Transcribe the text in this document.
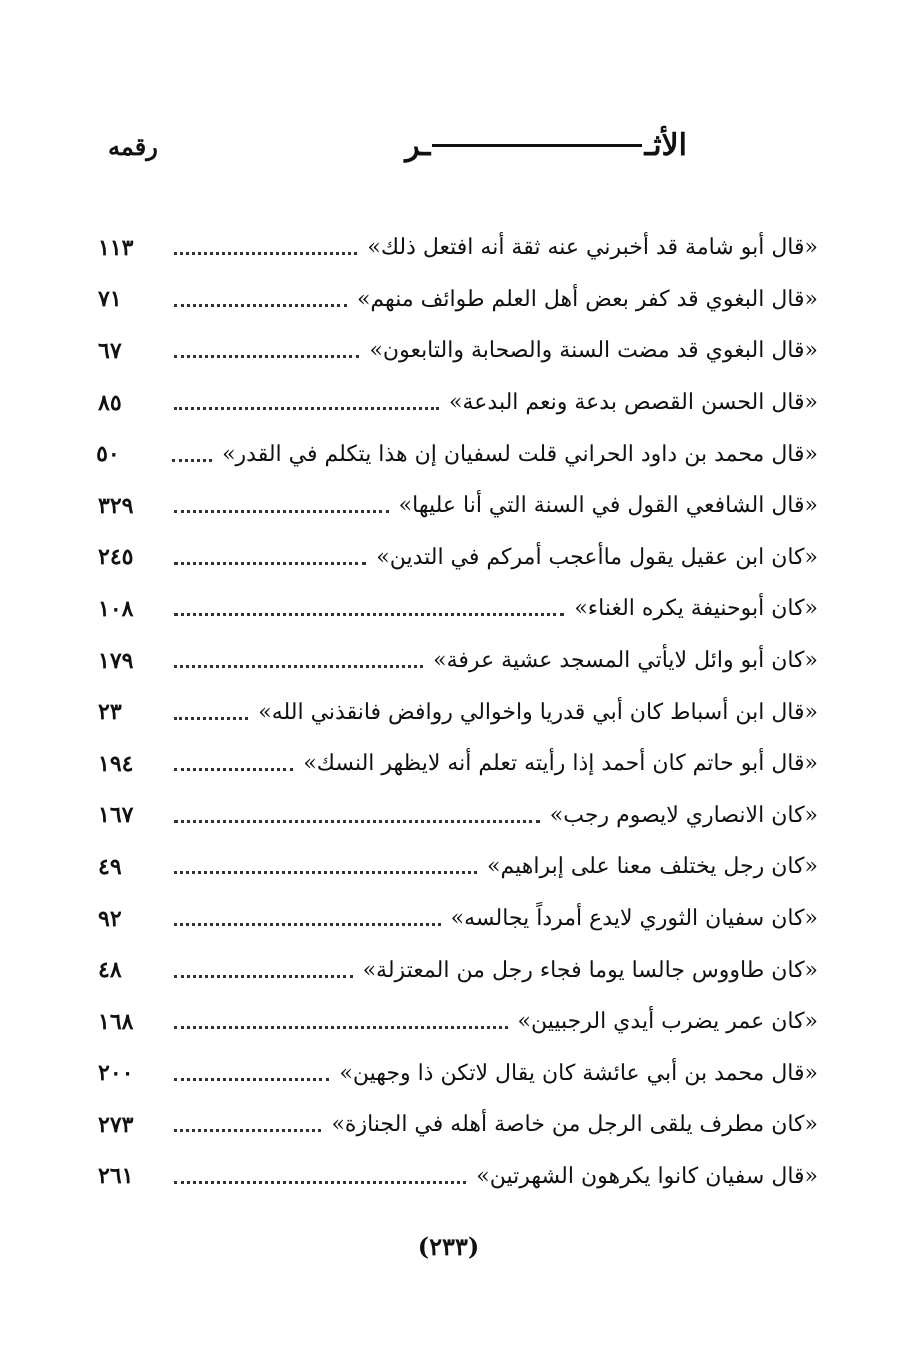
الأثـ
ـر
رقمه
«قال أبو شامة قد أخبرني عنه ثقة أنه افتعل ذلك»
١١٣
«قال البغوي قد كفر بعض أهل العلم طوائف منهم»
٧١
«قال البغوي قد مضت السنة والصحابة والتابعون»
٦٧
«قال الحسن القصص بدعة ونعم البدعة»
٨٥
«قال محمد بن داود الحراني قلت لسفيان إن هذا يتكلم في القدر»
٥٠
«قال الشافعي القول في السنة التي أنا عليها»
٣٢٩
«كان ابن عقيل يقول ماأعجب أمركم في التدين»
٢٤٥
«كان أبوحنيفة يكره الغناء»
١٠٨
«كان أبو وائل لايأتي المسجد عشية عرفة»
١٧٩
«قال ابن أسباط كان أبي قدريا واخوالي روافض فانقذني الله»
٢٣
«قال أبو حاتم كان أحمد إذا رأيته تعلم أنه لايظهر النسك»
١٩٤
«كان الانصاري لايصوم رجب»
١٦٧
«كان رجل يختلف معنا على إبراهيم»
٤٩
«كان سفيان الثوري لايدع أمرداً يجالسه»
٩٢
«كان طاووس جالسا يوما فجاء رجل من المعتزلة»
٤٨
«كان عمر يضرب أيدي الرجبيين»
١٦٨
«قال محمد بن أبي عائشة كان يقال لاتكن ذا وجهين»
٢٠٠
«كان مطرف يلقى الرجل من خاصة أهله في الجنازة»
٢٧٣
«قال سفيان كانوا يكرهون الشهرتين»
٢٦١
(٢٣٣)
